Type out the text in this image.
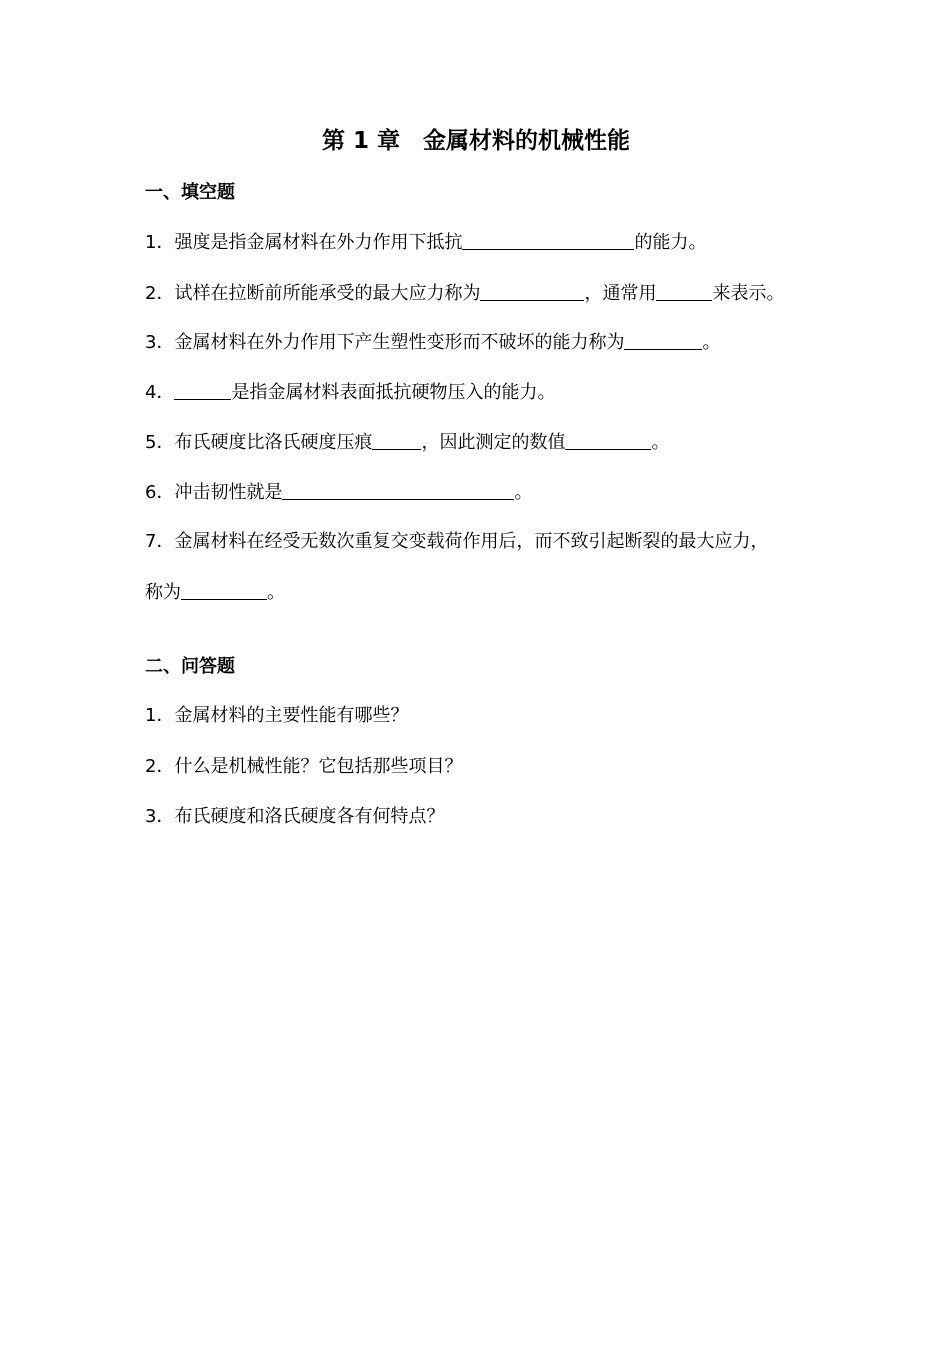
第 1 章　金属材料的机械性能
一、填空题
1．强度是指金属材料在外力作用下抵抗	的能力。
2．试样在拉断前所能承受的最大应力称为	，通常用	来表示。
3．金属材料在外力作用下产生塑性变形而不破坏的能力称为	。
4．	是指金属材料表面抵抗硬物压入的能力。
5．布氏硬度比洛氏硬度压痕	，因此测定的数值	。
6．冲击韧性就是	。
7．金属材料在经受无数次重复交变载荷作用后，而不致引起断裂的最大应力，
称为	。
二、问答题
1．金属材料的主要性能有哪些？
2．什么是机械性能？它包括那些项目？
3．布氏硬度和洛氏硬度各有何特点？
